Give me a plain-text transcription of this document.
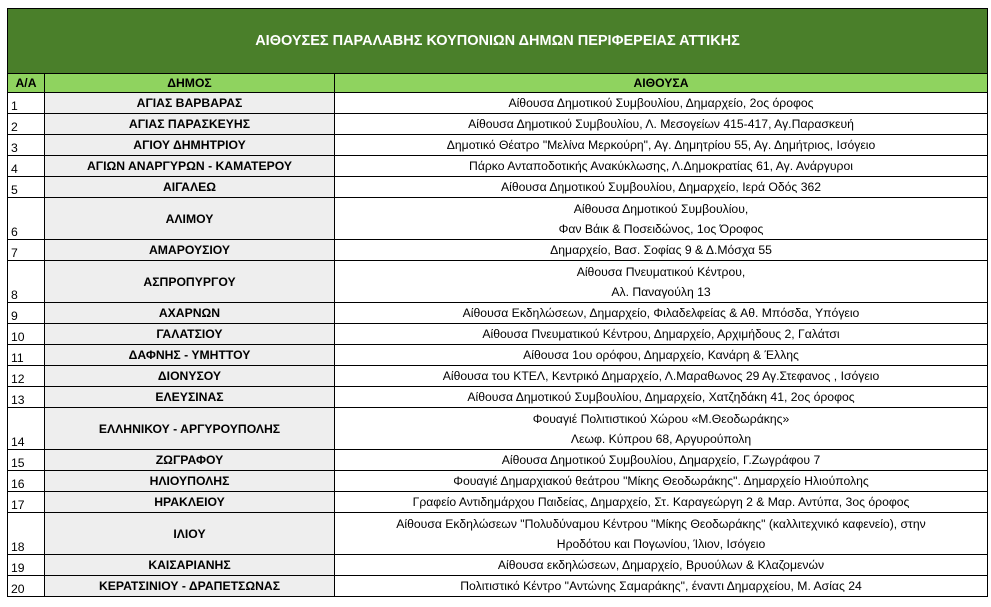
ΑΙΘΟΥΣΕΣ ΠΑΡΑΛΑΒΗΣ ΚΟΥΠΟΝΙΩΝ ΔΗΜΩΝ ΠΕΡΙΦΕΡΕΙΑΣ ΑΤΤΙΚΗΣ		
Α/Α	ΔΗΜΟΣ	ΑΙΘΟΥΣΑ
1	ΑΓΙΑΣ ΒΑΡΒΑΡΑΣ	Αίθουσα Δημοτικού Συμβουλίου, Δημαρχείο, 2ος όροφος

2	ΑΓΙΑΣ ΠΑΡΑΣΚΕΥΗΣ	Αίθουσα Δημοτικού Συμβουλίου, Λ. Μεσογείων 415-417, Αγ.Παρασκευή

3	ΑΓΙΟΥ ΔΗΜΗΤΡΙΟΥ	Δημοτικό Θέατρο "Μελίνα Μερκούρη", Αγ. Δημητρίου 55, Αγ. Δημήτριος, Ισόγειο

4	ΑΓΙΩΝ ΑΝΑΡΓΥΡΩΝ - ΚΑΜΑΤΕΡΟΥ	Πάρκο Ανταποδοτικής Ανακύκλωσης, Λ.Δημοκρατίας 61, Αγ. Ανάργυροι

5	ΑΙΓΑΛΕΩ	Αίθουσα Δημοτικού Συμβουλίου, Δημαρχείο, Ιερά Οδός 362

6	ΑΛΙΜΟΥ	Αίθουσα Δημοτικού Συμβουλίου,
Φαν Βάικ & Ποσειδώνος, 1ος Όροφος

7	ΑΜΑΡΟΥΣΙΟΥ	Δημαρχείο, Βασ. Σοφίας 9 & Δ.Μόσχα 55

8	ΑΣΠΡΟΠΥΡΓΟΥ	Αίθουσα Πνευματικού Κέντρου,
Αλ. Παναγούλη 13

9	ΑΧΑΡΝΩΝ	Αίθουσα Εκδηλώσεων, Δημαρχείο, Φιλαδελφείας & Αθ. Μπόσδα, Υπόγειο

10	ΓΑΛΑΤΣΙΟΥ	Αίθουσα Πνευματικού Κέντρου, Δημαρχείο, Αρχιμήδους 2, Γαλάτσι

11	ΔΑΦΝΗΣ - ΥΜΗΤΤΟΥ	Αίθουσα 1ου ορόφου, Δημαρχείο, Κανάρη & Έλλης

12	ΔΙΟΝΥΣΟΥ	Αίθουσα του ΚΤΕΛ, Κεντρικό Δημαρχείο, Λ.Μαραθωνος 29 Αγ.Στεφανος , Ισόγειο

13	ΕΛΕΥΣΙΝΑΣ	Αίθουσα Δημοτικού Συμβουλίου, Δημαρχείο, Χατζηδάκη 41, 2ος όροφος

14	ΕΛΛΗΝΙΚΟΥ - ΑΡΓΥΡΟΥΠΟΛΗΣ	Φουαγιέ Πολιτιστικού Χώρου «Μ.Θεοδωράκης»
Λεωφ. Κύπρου 68, Αργυρούπολη

15	ΖΩΓΡΑΦΟΥ	Αίθουσα Δημοτικού Συμβουλίου, Δημαρχείο, Γ.Ζωγράφου 7

16	ΗΛΙΟΥΠΟΛΗΣ	Φουαγιέ Δημαρχιακού θεάτρου "Μίκης Θεοδωράκης". Δημαρχείο Ηλιούπολης

17	ΗΡΑΚΛΕΙΟΥ	Γραφείο Αντιδημάρχου Παιδείας, Δημαρχείο, Στ. Καραγεώργη 2 & Μαρ. Αντύπα, 3ος όροφος

18	ΙΛΙΟΥ	Αίθουσα Εκδηλώσεων "Πολυδύναμου Κέντρου "Μίκης Θεοδωράκης" (καλλιτεχνικό καφενείο), στην
Ηροδότου και Πογωνίου, Ίλιον, Ισόγειο

19	ΚΑΙΣΑΡΙΑΝΗΣ	Αίθουσα εκδηλώσεων, Δημαρχείο, Βρυούλων & Κλαζομενών

20	ΚΕΡΑΤΣΙΝΙΟΥ - ΔΡΑΠΕΤΣΩΝΑΣ	Πολιτιστικό Κέντρο "Αντώνης Σαμαράκης", έναντι Δημαρχείου, Μ. Ασίας 24
